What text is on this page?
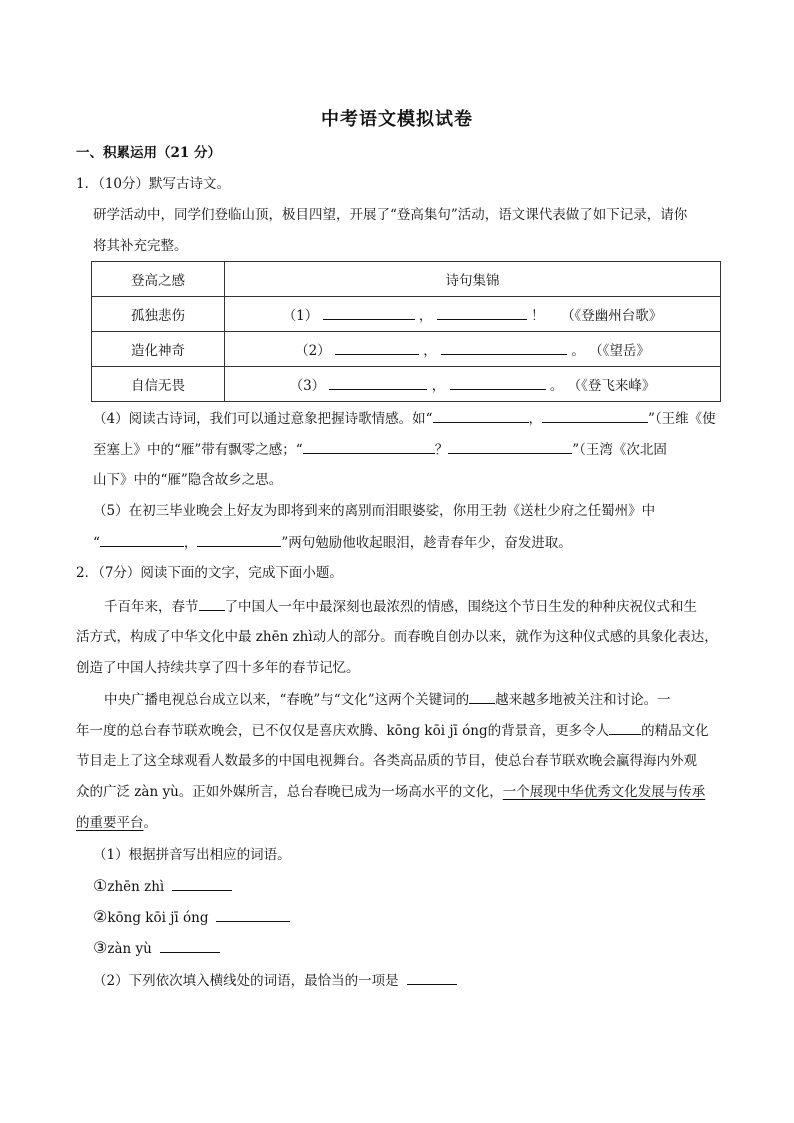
中考语文模拟试卷
一、积累运用（21 分）
1．（10分）默写古诗文。
研学活动中，同学们登临山顶，极目四望，开展了“登高集句”活动，语文课代表做了如下记录，请你
将其补充完整。
登高之感	诗句集锦
孤独悲伤	（1） ， ！ （《登幽州台歌》
造化神奇	（2） ， 。 （《望岳》
自信无畏	（3） ， 。 （《登飞来峰》
（4）阅读古诗词，我们可以通过意象把握诗歌情感。如“	，	”（王维《使
至塞上》中的“雁”带有飘零之感；“	？	”（王湾《次北固
山下》中的“雁”隐含故乡之思。
（5）在初三毕业晚会上好友为即将到来的离别而泪眼婆娑，你用王勃《送杜少府之任蜀州》中
“	，	”两句勉励他收起眼泪，趁青春年少，奋发进取。
2．（7分）阅读下面的文字，完成下面小题。
千百年来，春节 了中国人一年中最深刻也最浓烈的情感，围绕这个节日生发的种种庆祝仪式和生
活方式，构成了中华文化中最 zhēn zhì动人的部分。而春晚自创办以来，就作为这种仪式感的具象化表达，
创造了中国人持续共享了四十多年的春节记忆。
中央广播电视总台成立以来，“春晚”与“文化”这两个关键词的 越来越多地被关注和讨论。一
年一度的总台春节联欢晚会，已不仅仅是喜庆欢腾、kōng kōi jī óng的背景音，更多令人 的精品文化
节目走上了这全球观看人数最多的中国电视舞台。各类高品质的节目，使总台春节联欢晚会赢得海内外观
众的广泛 zàn yù。正如外媒所言，总台春晚已成为一场高水平的文化，一个展现中华优秀文化发展与传承
的重要平台。
（1）根据拼音写出相应的词语。
①zhēn zhì
②kōng kōi jī óng
③zàn yù
（2）下列依次填入横线处的词语，最恰当的一项是
